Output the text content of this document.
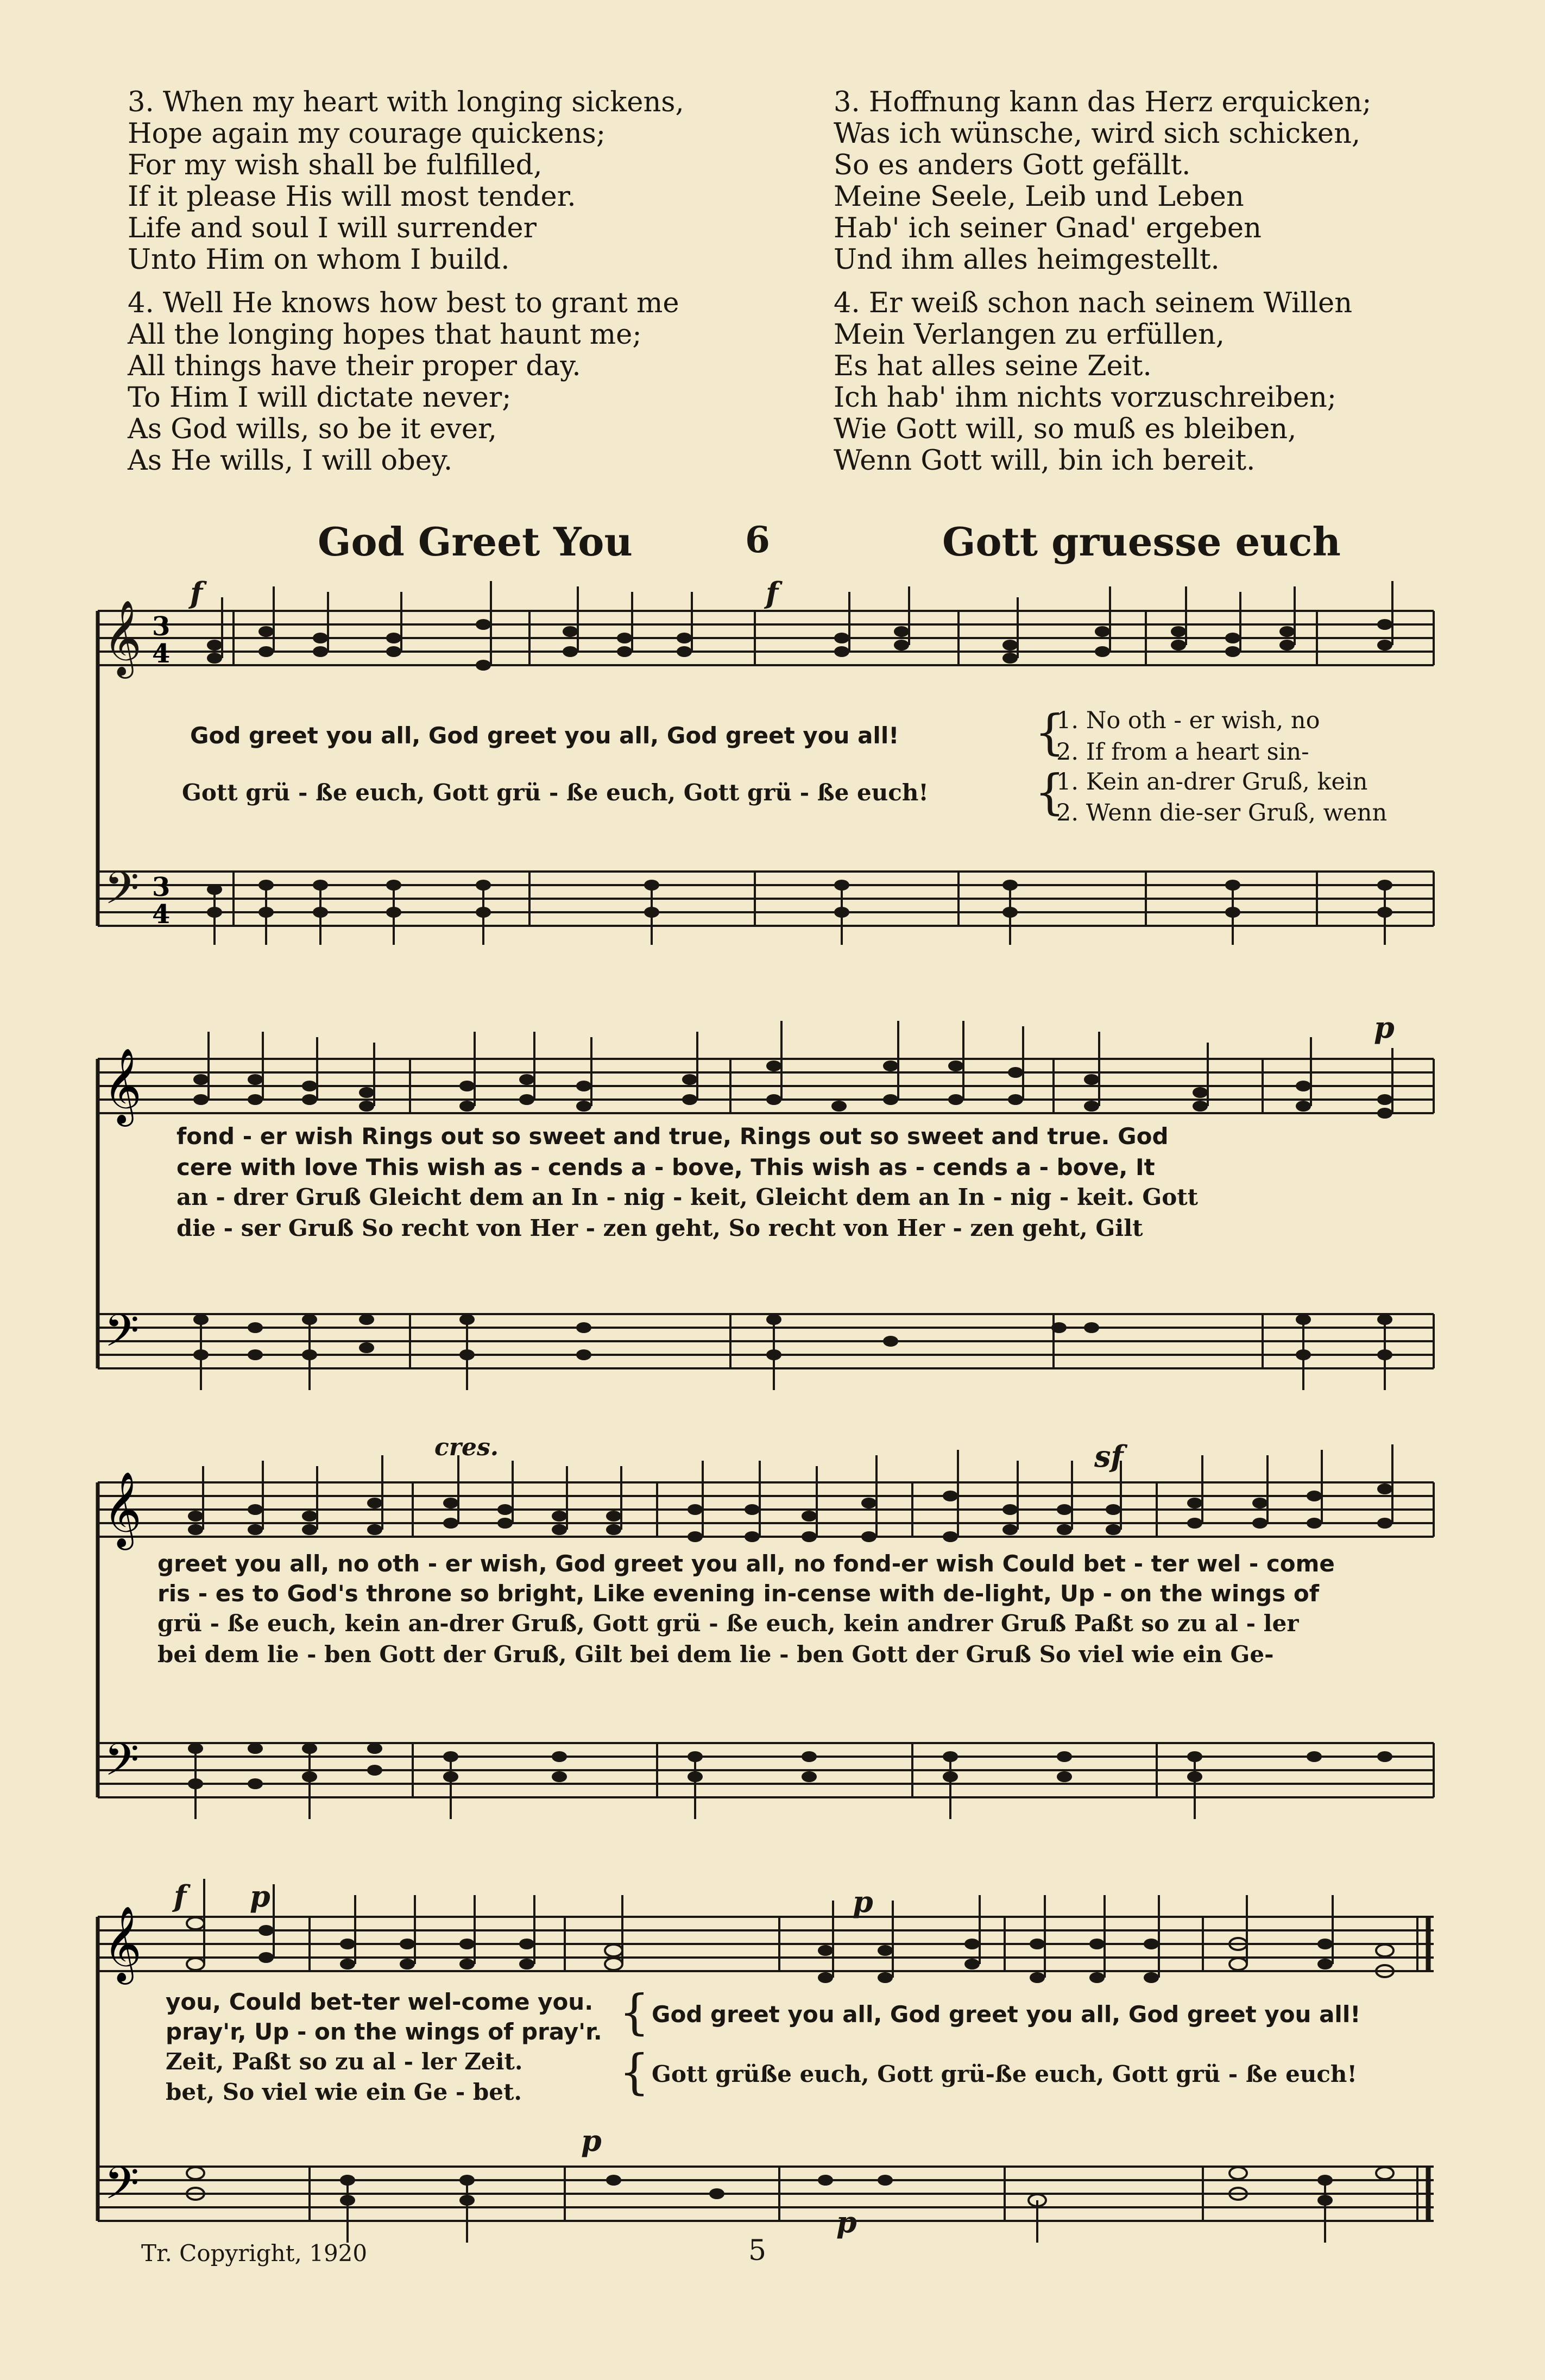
3. When my heart with longing sickens,
Hope again my courage quickens;
For my wish shall be fulfilled,
If it please His will most tender.
Life and soul I will surrender
Unto Him on whom I build.
4. Well He knows how best to grant me
All the longing hopes that haunt me;
All things have their proper day.
To Him I will dictate never;
As God wills, so be it ever,
As He wills, I will obey.
3. Hoffnung kann das Herz erquicken;
Was ich wünsche, wird sich schicken,
So es anders Gott gefällt.
Meine Seele, Leib und Leben
Hab' ich seiner Gnad' ergeben
Und ihm alles heimgestellt.
4. Er weiß schon nach seinem Willen
Mein Verlangen zu erfüllen,
Es hat alles seine Zeit.
Ich hab' ihm nichts vorzuschreiben;
Wie Gott will, so muß es bleiben,
Wenn Gott will, bin ich bereit.
God Greet You	6	Gott gruesse euch
𝄞
𝄢
3
4
3
4
f	f
God greet you all, God greet you all, God greet you all!
Gott grü - ße euch, Gott grü - ße euch, Gott grü - ße euch!
{
{
1. No oth - er wish, no
2. If from a heart sin-
1. Kein an-drer Gruß, kein
2. Wenn die-ser Gruß, wenn
𝄞
𝄢
p
fond - er wish Rings out so sweet and true, Rings out so sweet and true. God
cere with love This wish as - cends a - bove, This wish as - cends a - bove, It
an - drer Gruß Gleicht dem an In - nig - keit, Gleicht dem an In - nig - keit. Gott
die - ser Gruß So recht von Her - zen geht, So recht von Her - zen geht, Gilt
𝄞
𝄢
cres.	sf
greet you all, no oth - er wish, God greet you all, no fond-er wish Could bet - ter wel - come
ris - es to God's throne so bright, Like evening in-cense with de-light, Up - on the wings of
grü - ße euch, kein an-drer Gruß, Gott grü - ße euch, kein andrer Gruß Paßt so zu al - ler
bei dem lie - ben Gott der Gruß, Gilt bei dem lie - ben Gott der Gruß So viel wie ein Ge-
𝄞
𝄢
f p	p
p
p
you, Could bet-ter wel-come you.
pray'r, Up - on the wings of pray'r.
Zeit, Paßt so zu al - ler Zeit.
bet, So viel wie ein Ge - bet.
{
{
God greet you all, God greet you all, God greet you all!
Gott grüße euch, Gott grü-ße euch, Gott grü - ße euch!
Tr. Copyright, 1920	5
